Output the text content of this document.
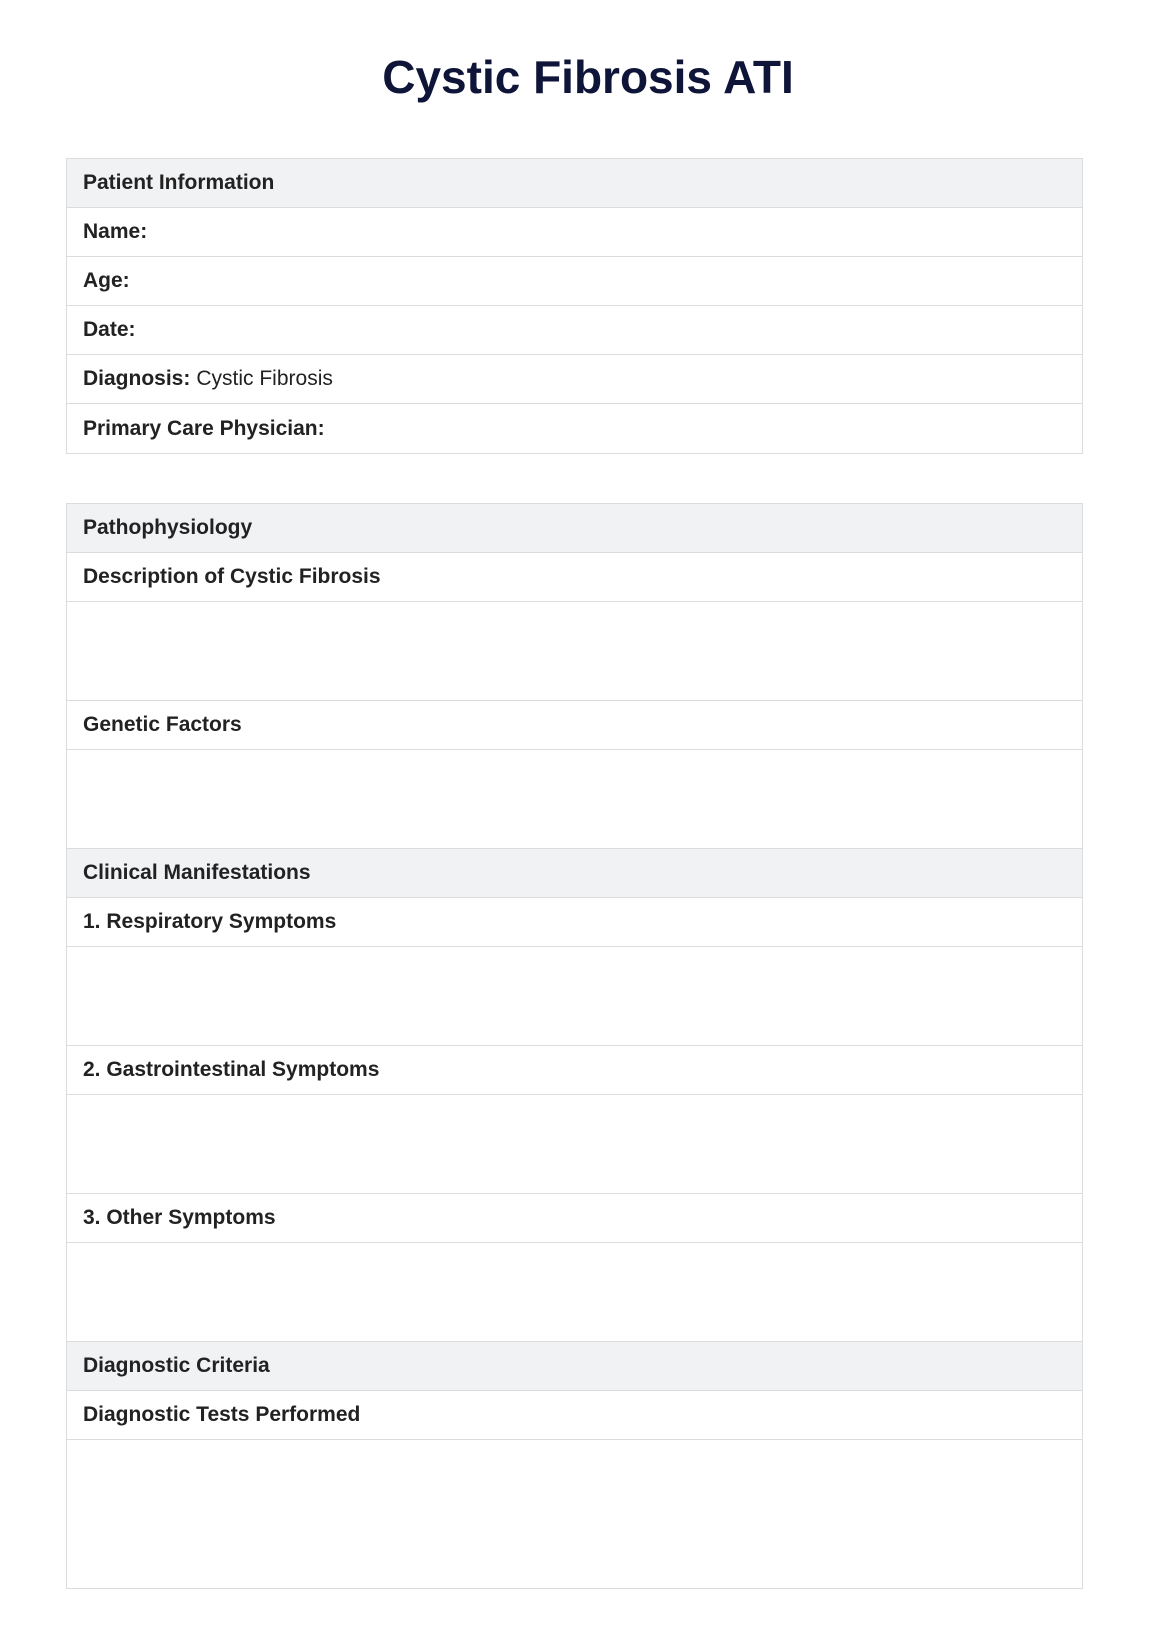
Cystic Fibrosis ATI
Patient Information
Name:
Age:
Date:
Diagnosis: Cystic Fibrosis
Primary Care Physician:
Pathophysiology
Description of Cystic Fibrosis
Genetic Factors
Clinical Manifestations
1. Respiratory Symptoms
2. Gastrointestinal Symptoms
3. Other Symptoms
Diagnostic Criteria
Diagnostic Tests Performed
